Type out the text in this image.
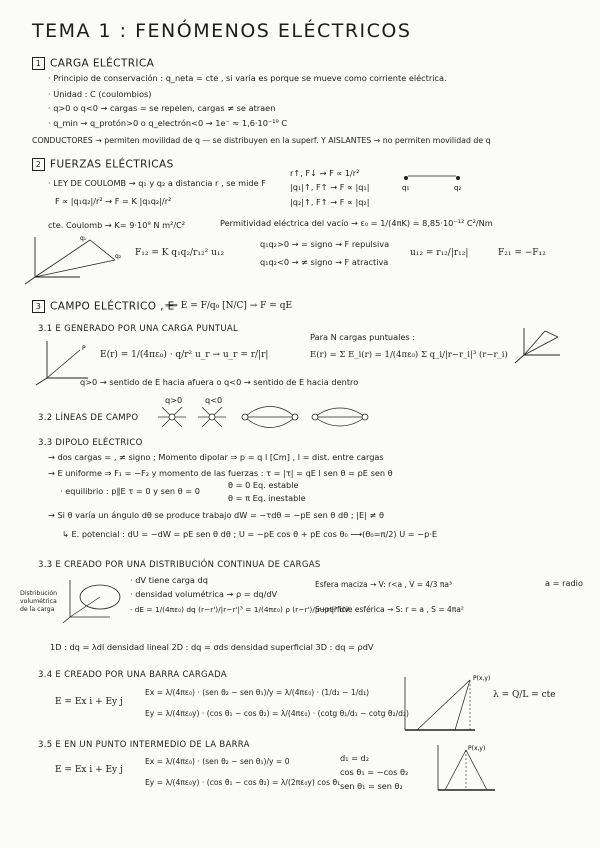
TEMA 1 : FENÓMENOS ELÉCTRICOS
1 CARGA ELÉCTRICA
· Principio de conservación : q_neta = cte , si varía es porque se mueve como corriente eléctrica.
· Unidad : C (coulombios)
· q>0 o q<0 → cargas = se repelen, cargas ≠ se atraen
· q_min → q_protón>0 o q_electrón<0 → 1e⁻ ≈ 1,6·10⁻¹⁹ C
CONDUCTORES → permiten movilidad de q — se distribuyen en la superf. Y AISLANTES → no permiten movilidad de q
2 FUERZAS ELÉCTRICAS
· LEY DE COULOMB → q₁ y q₂ a distancia r , se mide F
r↑, F↓ → F ∝ 1/r²
|q₁|↑, F↑ → F ∝ |q₁|
|q₂|↑, F↑ → F ∝ |q₂|
q₁	q₂
F ∝ |q₁q₂|/r² → F = K |q₁q₂|/r²
cte. Coulomb → K= 9·10⁹ N m²/C²	Permitividad eléctrica del vacío → ε₀ = 1/(4πK) = 8,85·10⁻¹² C²/Nm
q₁
q₂ F₁₂ = K q₁q₂/r₁₂² u₁₂
q₁q₂>0 → = signo → F repulsiva
q₁q₂<0 → ≠ signo → F atractiva
u₁₂ = r₁₂/|r₁₂|	F₂₁ = −F₁₂
3 CAMPO ELÉCTRICO , E
⟹ E = F/q₀ [N/C] → F = qE
3.1 E GENERADO POR UNA CARGA PUNTUAL
P
E(r) = 1/(4πε₀) · q/r² u_r → u_r = r/|r|
Para N cargas puntuales :
E(r) = Σ E_i(r) = 1/(4πε₀) Σ q_i/|r−r_i|³ (r−r_i)
q>0 → sentido de E hacia afuera o q<0 → sentido de E hacia dentro
3.2 LÍNEAS DE CAMPO
q>0	q<0
3.3 DIPOLO ELÉCTRICO
→ dos cargas = , ≠ signo ; Momento dipolar ⇒ p = q l [Cm] , l = dist. entre cargas
→ E uniforme ⇒ F₁ = −F₂ y momento de las fuerzas : τ = |τ| = qE l sen θ = pE sen θ
· equilibrio : p∥E τ = 0 y sen θ = 0
θ = 0 Eq. estable
θ = π Eq. inestable
→ Si θ varía un ángulo dθ se produce trabajo dW = −τdθ = −pE sen θ dθ ; |E| ≠ θ
↳ E. potencial : dU = −dW = pE sen θ dθ ; U = −pE cos θ + pE cos θ₀ ⟶(θ₀=π/2) U = −p·E
3.3 E CREADO POR UNA DISTRIBUCIÓN CONTINUA DE CARGAS
· dV tiene carga dq
· densidad volumétrica → ρ = dq/dV
· dE = 1/(4πε₀) dq (r−r')/|r−r'|³ = 1/(4πε₀) ρ (r−r')/|r−r'|³ dV
Esfera maciza → V: r<a , V = 4/3 πa³
Superficie esférica → S: r = a , S = 4πa²
a = radio
Distribución volumétrica de la carga
1D : dq = λdl densidad lineal 2D : dq = σds densidad superficial 3D : dq = ρdV
3.4 E CREADO POR UNA BARRA CARGADA
E = Ex i + Ey j
Ex = λ/(4πε₀) · (sen θ₂ − sen θ₁)/y = λ/(4πε₀) · (1/d₂ − 1/d₁)
Ey = λ/(4πε₀y) · (cos θ₁ − cos θ₂) = λ/(4πε₀) · (cotg θ₁/d₁ − cotg θ₂/d₂)
P(x,y)
λ = Q/L = cte
3.5 E EN UN PUNTO INTERMEDIO DE LA BARRA
E = Ex i + Ey j
Ex = λ/(4πε₀) · (sen θ₂ − sen θ₁)/y = 0
Ey = λ/(4πε₀y) · (cos θ₁ − cos θ₂) = λ/(2πε₀y) cos θ₁
d₁ = d₂
cos θ₁ = −cos θ₂
sen θ₁ = sen θ₂
P(x,y)
